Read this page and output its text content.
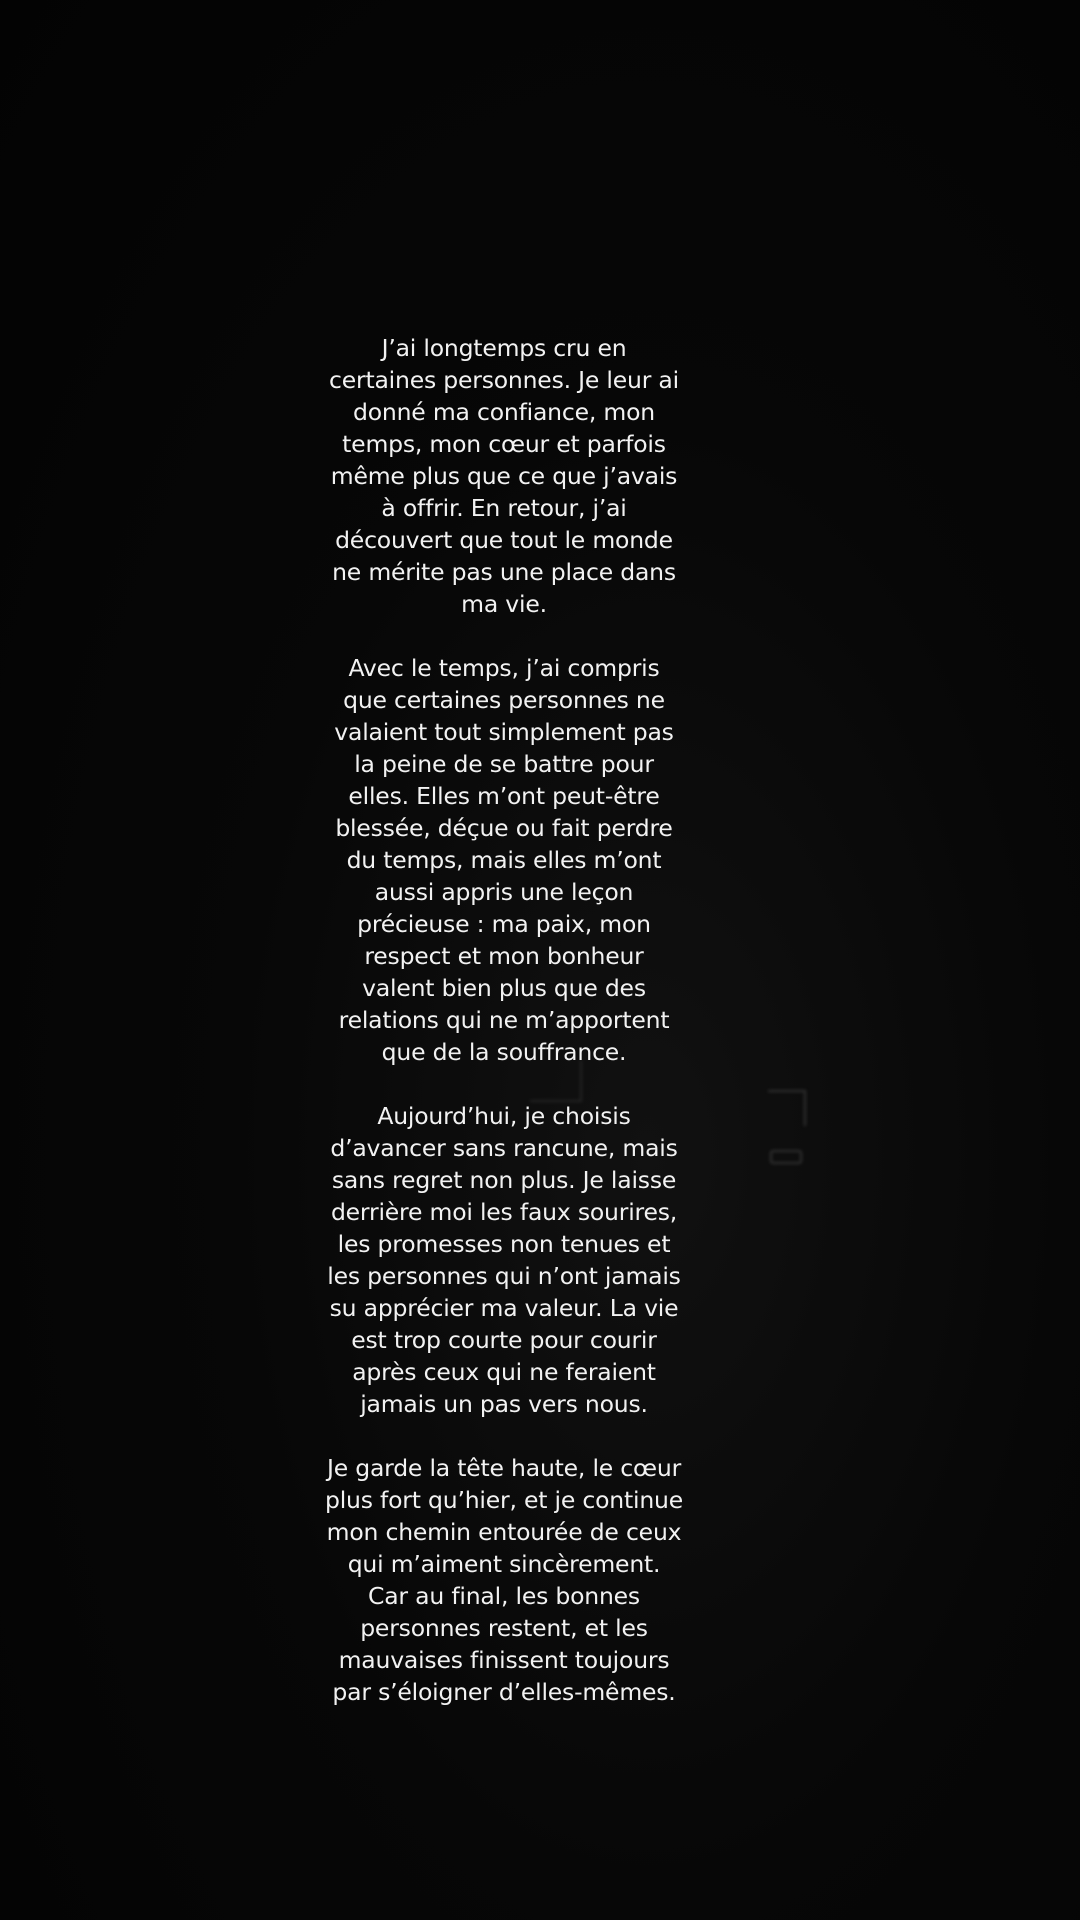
J’ai longtemps cru en
certaines personnes. Je leur ai
donné ma confiance, mon
temps, mon cœur et parfois
même plus que ce que j’avais
à offrir. En retour, j’ai
découvert que tout le monde
ne mérite pas une place dans
ma vie.
Avec le temps, j’ai compris
que certaines personnes ne
valaient tout simplement pas
la peine de se battre pour
elles. Elles m’ont peut-être
blessée, déçue ou fait perdre
du temps, mais elles m’ont
aussi appris une leçon
précieuse : ma paix, mon
respect et mon bonheur
valent bien plus que des
relations qui ne m’apportent
que de la souffrance.
Aujourd’hui, je choisis
d’avancer sans rancune, mais
sans regret non plus. Je laisse
derrière moi les faux sourires,
les promesses non tenues et
les personnes qui n’ont jamais
su apprécier ma valeur. La vie
est trop courte pour courir
après ceux qui ne feraient
jamais un pas vers nous.
Je garde la tête haute, le cœur
plus fort qu’hier, et je continue
mon chemin entourée de ceux
qui m’aiment sincèrement.
Car au final, les bonnes
personnes restent, et les
mauvaises finissent toujours
par s’éloigner d’elles-mêmes.
